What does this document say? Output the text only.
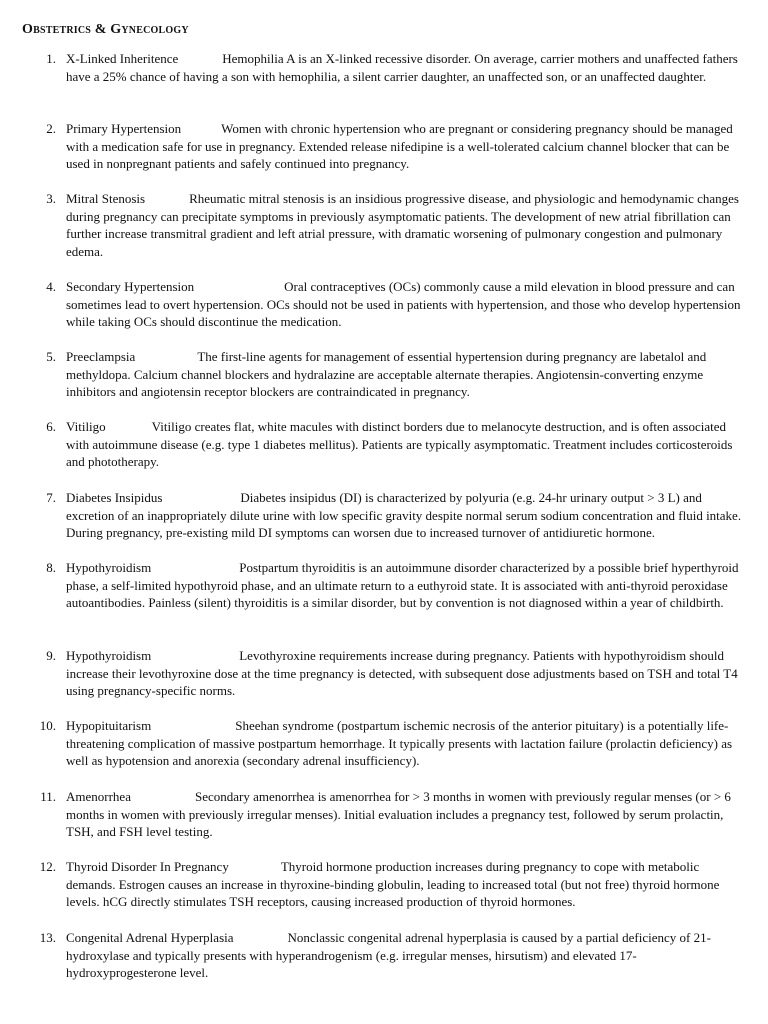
Obstetrics & Gynecology
1. X-Linked Inheritence	Hemophilia A is an X-linked recessive disorder. On average, carrier mothers and unaffected fathers have a 25% chance of having a son with hemophilia, a silent carrier daughter, an unaffected son, or an unaffected daughter.
2. Primary Hypertension	Women with chronic hypertension who are pregnant or considering pregnancy should be managed with a medication safe for use in pregnancy. Extended release nifedipine is a well-tolerated calcium channel blocker that can be used in nonpregnant patients and safely continued into pregnancy.
3. Mitral Stenosis	Rheumatic mitral stenosis is an insidious progressive disease, and physiologic and hemodynamic changes during pregnancy can precipitate symptoms in previously asymptomatic patients. The development of new atrial fibrillation can further increase transmitral gradient and left atrial pressure, with dramatic worsening of pulmonary congestion and pulmonary edema.
4. Secondary Hypertension	Oral contraceptives (OCs) commonly cause a mild elevation in blood pressure and can sometimes lead to overt hypertension. OCs should not be used in patients with hypertension, and those who develop hypertension while taking OCs should discontinue the medication.
5. Preeclampsia	The first-line agents for management of essential hypertension during pregnancy are labetalol and methyldopa. Calcium channel blockers and hydralazine are acceptable alternate therapies. Angiotensin-converting enzyme inhibitors and angiotensin receptor blockers are contraindicated in pregnancy.
6. Vitiligo	Vitiligo creates flat, white macules with distinct borders due to melanocyte destruction, and is often associated with autoimmune disease (e.g. type 1 diabetes mellitus). Patients are typically asymptomatic. Treatment includes corticosteroids and phototherapy.
7. Diabetes Insipidus	Diabetes insipidus (DI) is characterized by polyuria (e.g. 24-hr urinary output > 3 L) and excretion of an inappropriately dilute urine with low specific gravity despite normal serum sodium concentration and fluid intake. During pregnancy, pre-existing mild DI symptoms can worsen due to increased turnover of antidiuretic hormone.
8. Hypothyroidism	Postpartum thyroiditis is an autoimmune disorder characterized by a possible brief hyperthyroid phase, a self-limited hypothyroid phase, and an ultimate return to a euthyroid state. It is associated with anti-thyroid peroxidase autoantibodies. Painless (silent) thyroiditis is a similar disorder, but by convention is not diagnosed within a year of childbirth.
9. Hypothyroidism	Levothyroxine requirements increase during pregnancy. Patients with hypothyroidism should increase their levothyroxine dose at the time pregnancy is detected, with subsequent dose adjustments based on TSH and total T4 using pregnancy-specific norms.
10. Hypopituitarism	Sheehan syndrome (postpartum ischemic necrosis of the anterior pituitary) is a potentially life-threatening complication of massive postpartum hemorrhage. It typically presents with lactation failure (prolactin deficiency) as well as hypotension and anorexia (secondary adrenal insufficiency).
11. Amenorrhea	Secondary amenorrhea is amenorrhea for > 3 months in women with previously regular menses (or > 6 months in women with previously irregular menses). Initial evaluation includes a pregnancy test, followed by serum prolactin, TSH, and FSH level testing.
12. Thyroid Disorder In Pregnancy	Thyroid hormone production increases during pregnancy to cope with metabolic demands. Estrogen causes an increase in thyroxine-binding globulin, leading to increased total (but not free) thyroid hormone levels. hCG directly stimulates TSH receptors, causing increased production of thyroid hormones.
13. Congenital Adrenal Hyperplasia	Nonclassic congenital adrenal hyperplasia is caused by a partial deficiency of 21-hydroxylase and typically presents with hyperandrogenism (e.g. irregular menses, hirsutism) and elevated 17-hydroxyprogesterone level.
